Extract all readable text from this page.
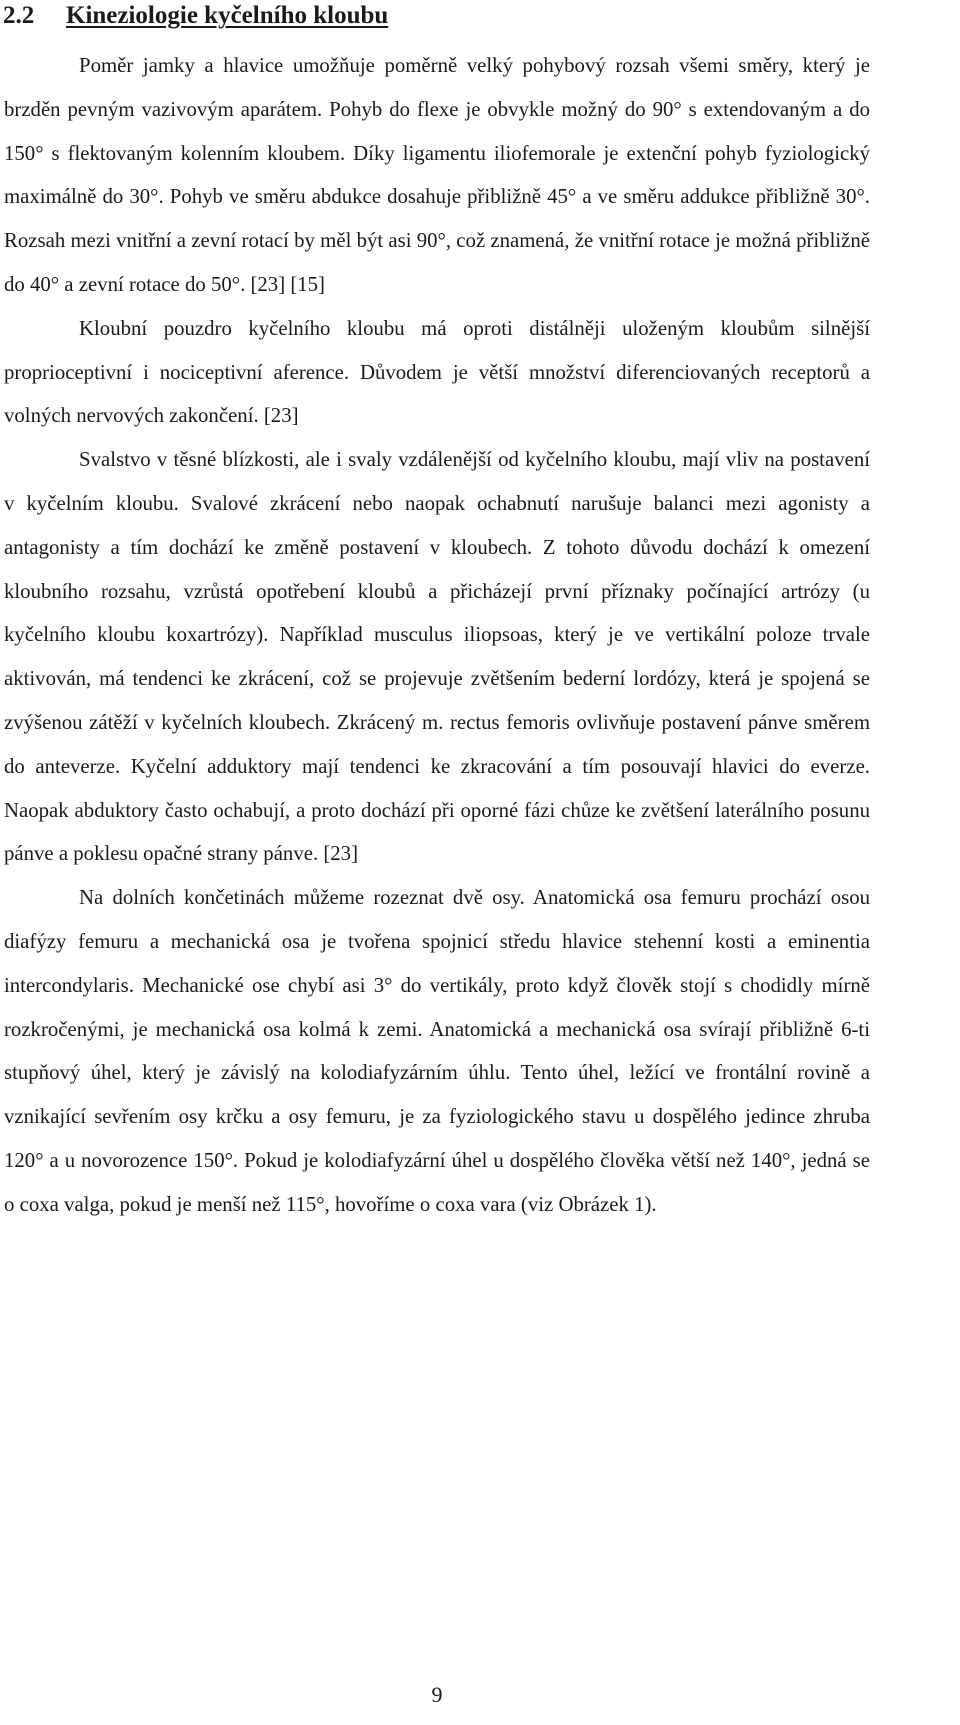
2.2 Kineziologie kyčelního kloubu

Poměr jamky a hlavice umožňuje poměrně velký pohybový rozsah všemi směry, který je brzděn pevným vazivovým aparátem. Pohyb do flexe je obvykle možný do 90° s extendovaným a do 150° s flektovaným kolenním kloubem. Díky ligamentu iliofemorale je extenční pohyb fyziologický maximálně do 30°. Pohyb ve směru abdukce dosahuje přibližně 45° a ve směru addukce přibližně 30°. Rozsah mezi vnitřní a zevní rotací by měl být asi 90°, což znamená, že vnitřní rotace je možná přibližně do 40° a zevní rotace do 50°. [23] [15]

Kloubní pouzdro kyčelního kloubu má oproti distálněji uloženým kloubům silnější proprioceptivní i nociceptivní aference. Důvodem je větší množství diferenciovaných receptorů a volných nervových zakončení. [23]

Svalstvo v těsné blízkosti, ale i svaly vzdálenější od kyčelního kloubu, mají vliv na postavení v kyčelním kloubu. Svalové zkrácení nebo naopak ochabnutí narušuje balanci mezi agonisty a antagonisty a tím dochází ke změně postavení v kloubech. Z tohoto důvodu dochází k omezení kloubního rozsahu, vzrůstá opotřebení kloubů a přicházejí první příznaky počínající artrózy (u kyčelního kloubu koxartrózy). Například musculus iliopsoas, který je ve vertikální poloze trvale aktivován, má tendenci ke zkrácení, což se projevuje zvětšením bederní lordózy, která je spojená se zvýšenou zátěží v kyčelních kloubech. Zkrácený m. rectus femoris ovlivňuje postavení pánve směrem do anteverze. Kyčelní adduktory mají tendenci ke zkracování a tím posouvají hlavici do everze. Naopak abduktory často ochabují, a proto dochází při oporné fázi chůze ke zvětšení laterálního posunu pánve a poklesu opačné strany pánve. [23]

Na dolních končetinách můžeme rozeznat dvě osy. Anatomická osa femuru prochází osou diafýzy femuru a mechanická osa je tvořena spojnicí středu hlavice stehenní kosti a eminentia intercondylaris. Mechanické ose chybí asi 3° do vertikály, proto když člověk stojí s chodidly mírně rozkročenými, je mechanická osa kolmá k zemi. Anatomická a mechanická osa svírají přibližně 6-ti stupňový úhel, který je závislý na kolodiafyzárním úhlu. Tento úhel, ležící ve frontální rovině a vznikající sevřením osy krčku a osy femuru, je za fyziologického stavu u dospělého jedince zhruba 120° a u novorozence 150°. Pokud je kolodiafyzární úhel u dospělého člověka větší než 140°, jedná se o coxa valga, pokud je menší než 115°, hovoříme o coxa vara (viz Obrázek 1).

9
